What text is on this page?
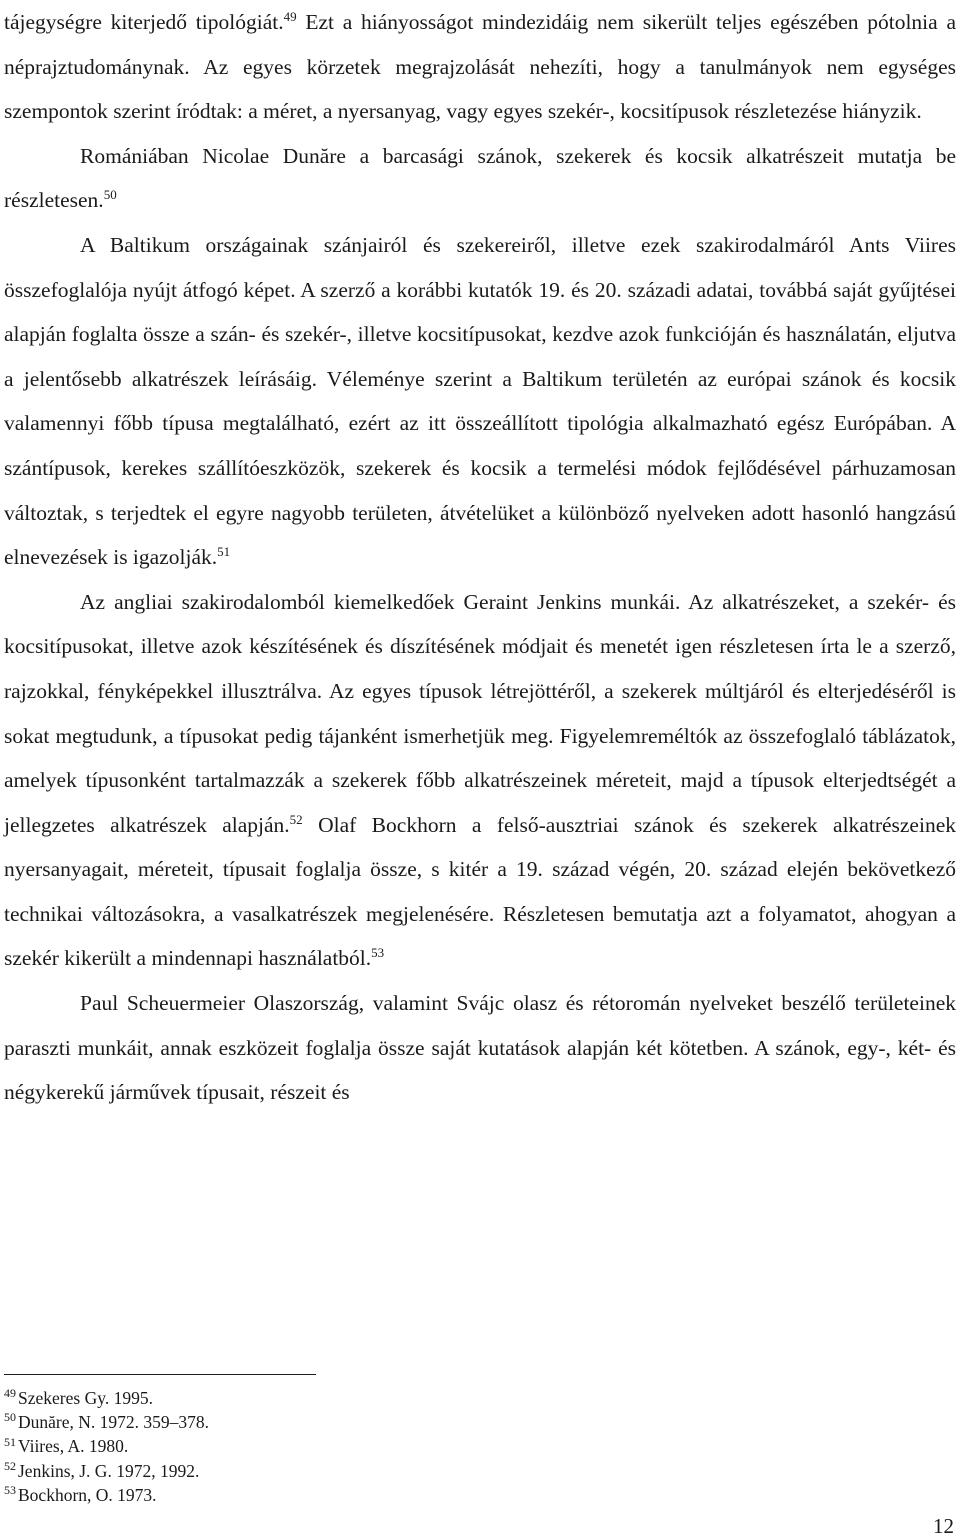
tájegységre kiterjedő tipológiát.$^{49}$ Ezt a hiányosságot mindezidáig nem sikerült teljes egészében pótolnia a néprajztudománynak. Az egyes körzetek megrajzolását nehezíti, hogy a tanulmányok nem egységes szempontok szerint íródtak: a méret, a nyersanyag, vagy egyes szekér-, kocsitípusok részletezése hiányzik.

Romániában Nicolae Dunăre a barcasági szánok, szekerek és kocsik alkatrészeit mutatja be részletesen.$^{50}$

A Baltikum országainak szánjairól és szekereiről, illetve ezek szakirodalmáról Ants Viires összefoglalója nyújt átfogó képet. A szerző a korábbi kutatók 19. és 20. századi adatai, továbbá saját gyűjtései alapján foglalta össze a szán- és szekér-, illetve kocsitípusokat, kezdve azok funkcióján és használatán, eljutva a jelentősebb alkatrészek leírásáig. Véleménye szerint a Baltikum területén az európai szánok és kocsik valamennyi főbb típusa megtalálható, ezért az itt összeállított tipológia alkalmazható egész Európában. A szántípusok, kerekes szállítóeszközök, szekerek és kocsik a termelési módok fejlődésével párhuzamosan változtak, s terjedtek el egyre nagyobb területen, átvételüket a különböző nyelveken adott hasonló hangzású elnevezések is igazolják.$^{51}$

Az angliai szakirodalomból kiemelkedőek Geraint Jenkins munkái. Az alkatrészeket, a szekér- és kocsitípusokat, illetve azok készítésének és díszítésének módjait és menetét igen részletesen írta le a szerző, rajzokkal, fényképekkel illusztrálva. Az egyes típusok létrejöttéről, a szekerek múltjáról és elterjedéséről is sokat megtudunk, a típusokat pedig tájanként ismerhetjük meg. Figyelemreméltók az összefoglaló táblázatok, amelyek típusonként tartalmazzák a szekerek főbb alkatrészeinek méreteit, majd a típusok elterjedtségét a jellegzetes alkatrészek alapján.$^{52}$ Olaf Bockhorn a felső-ausztriai szánok és szekerek alkatrészeinek nyersanyagait, méreteit, típusait foglalja össze, s kitér a 19. század végén, 20. század elején bekövetkező technikai változásokra, a vasalkatrészek megjelenésére. Részletesen bemutatja azt a folyamatot, ahogyan a szekér kikerült a mindennapi használatból.$^{53}$

Paul Scheuermeier Olaszország, valamint Svájc olasz és rétoromán nyelveket beszélő területeinek paraszti munkáit, annak eszközeit foglalja össze saját kutatások alapján két kötetben. A szánok, egy-, két- és négykerekű járművek típusait, részeit és

$^{49}$ Szekeres Gy. 1995.

$^{50}$ Dunăre, N. 1972. 359–378.

$^{51}$ Viires, A. 1980.

$^{52}$ Jenkins, J. G. 1972, 1992.

$^{53}$ Bockhorn, O. 1973.

12
